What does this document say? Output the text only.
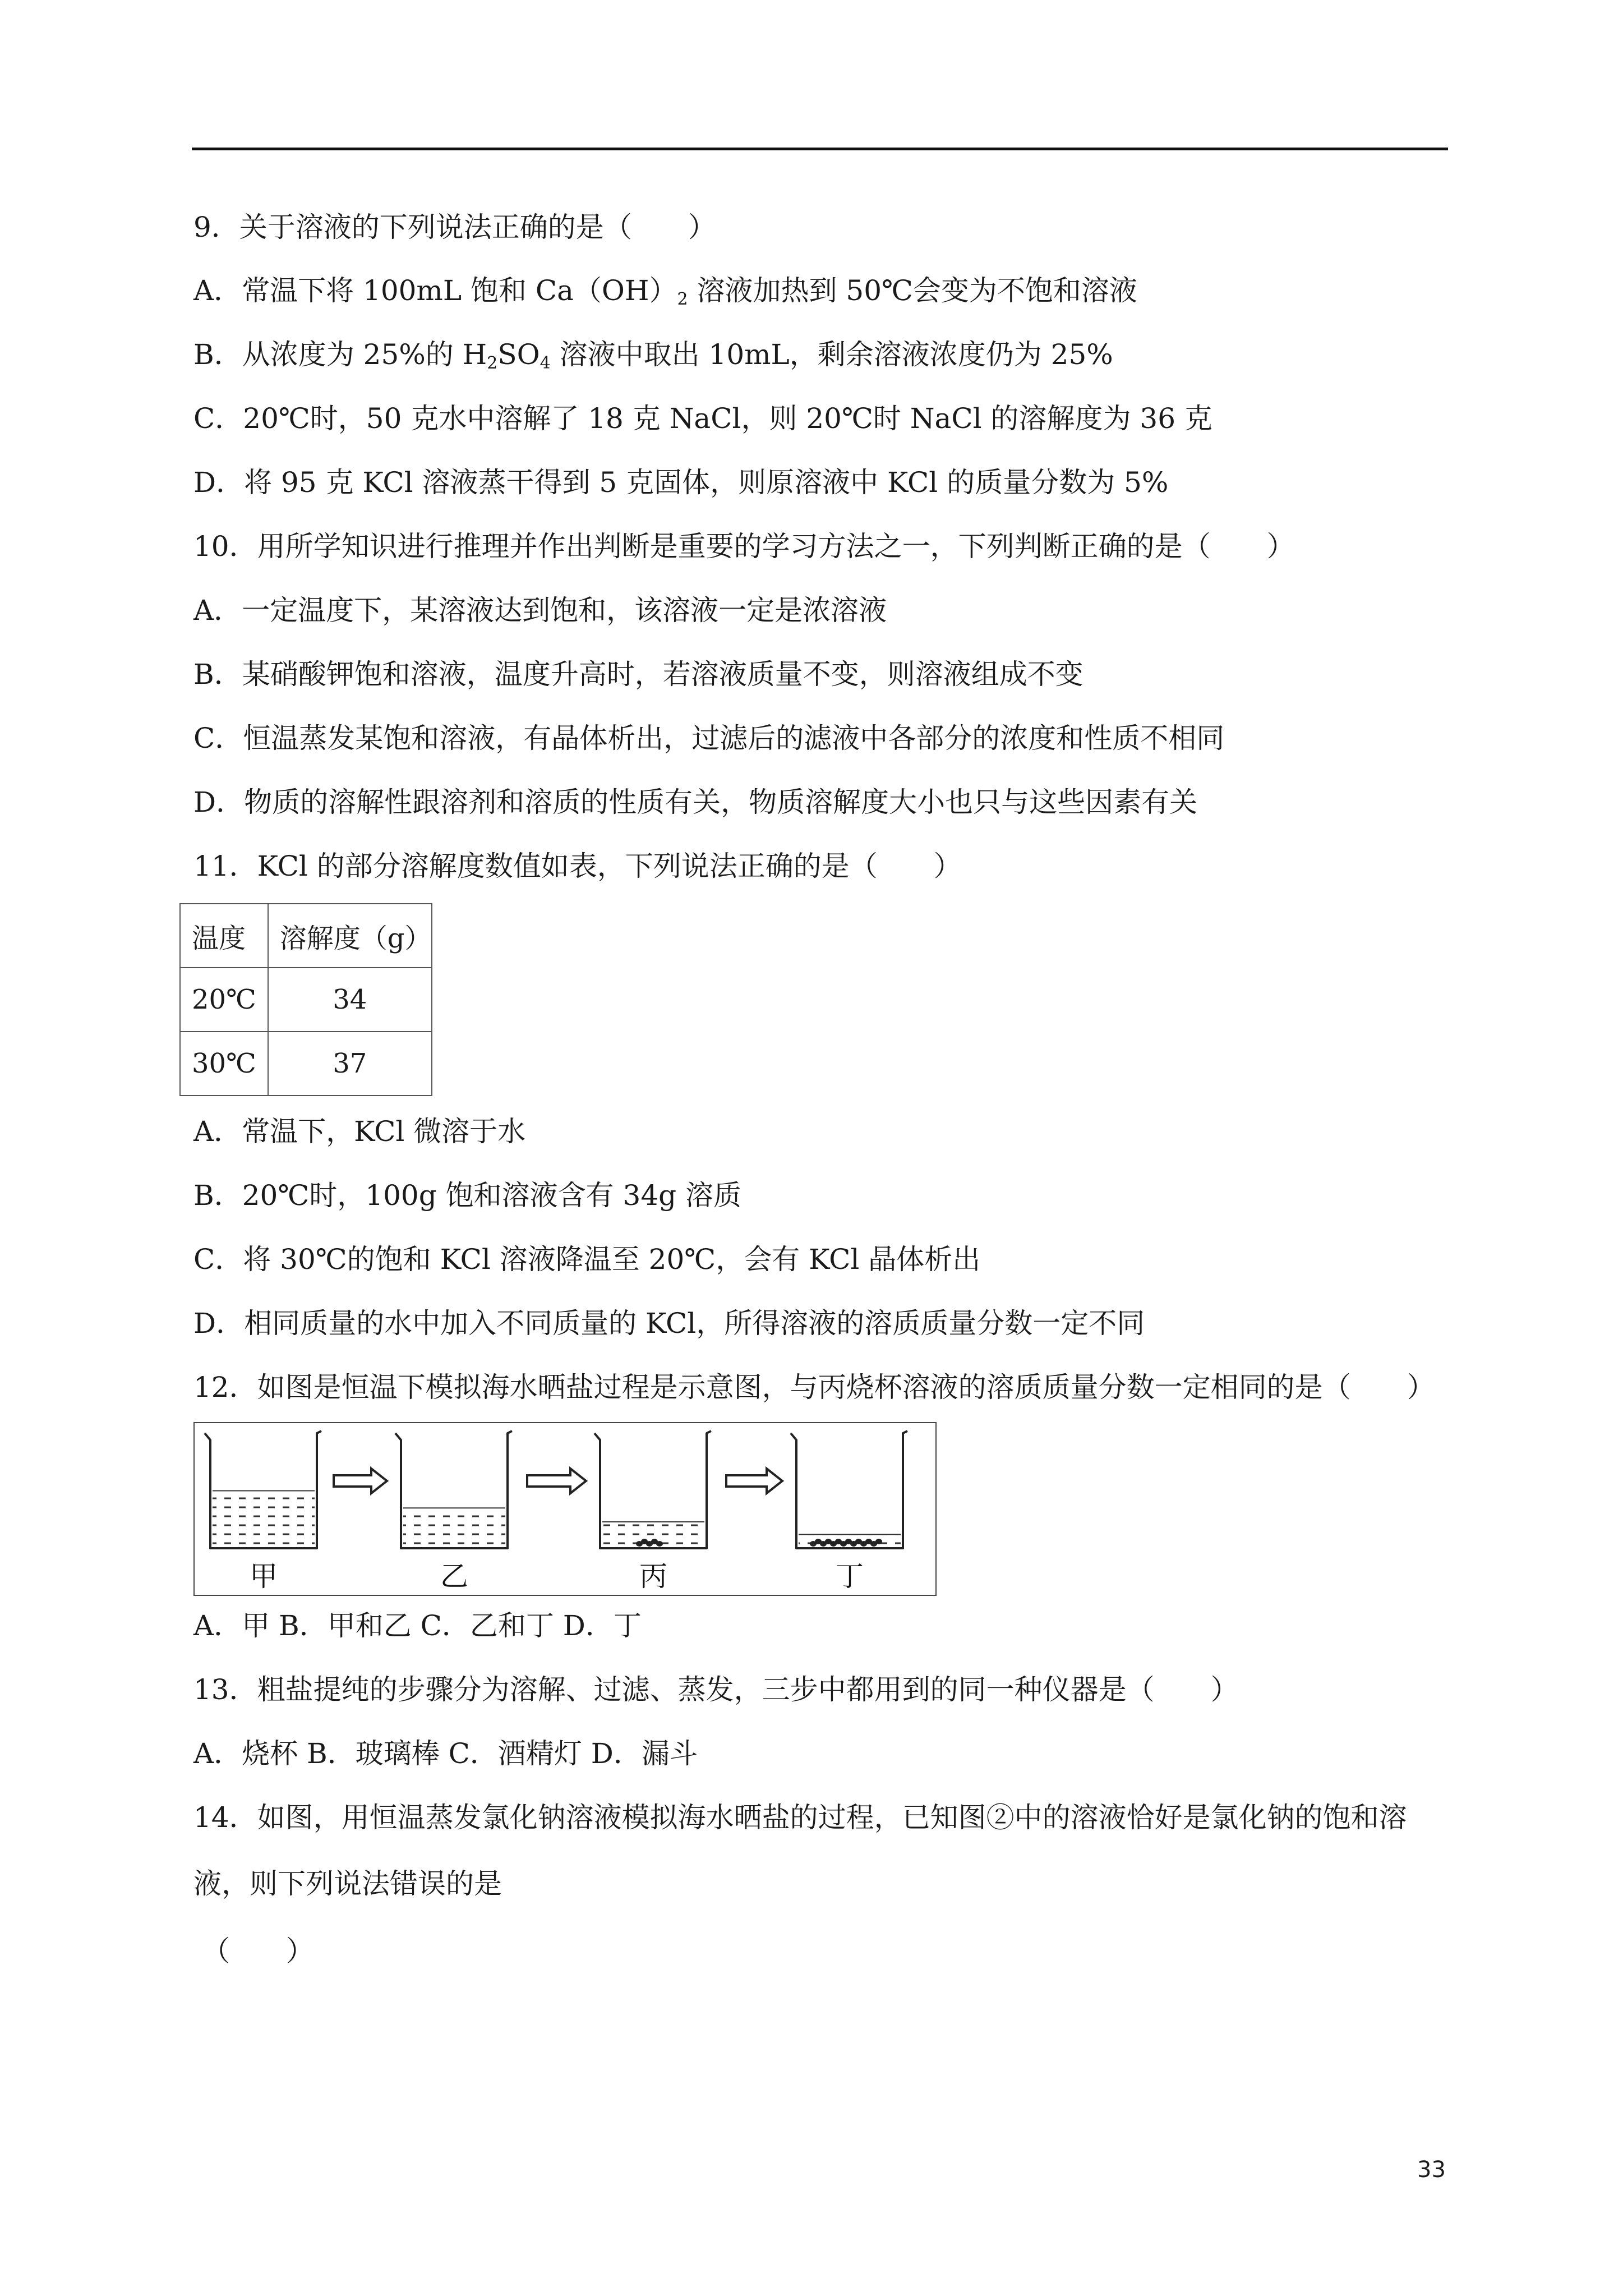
9．关于溶液的下列说法正确的是（　　）
A．常温下将 100mL 饱和 $Ca(OH)_2$ 溶液加热到 50℃会变为不饱和溶液
B．从浓度为 25%的 $H_2SO_4$ 溶液中取出 10mL，剩余溶液浓度仍为 25%
C．20℃时，50 克水中溶解了 18 克 NaCl，则 20℃时 NaCl 的溶解度为 36 克
D．将 95 克 KCl 溶液蒸干得到 5 克固体，则原溶液中 KCl 的质量分数为 5%
10．用所学知识进行推理并作出判断是重要的学习方法之一，下列判断正确的是（　　）
A．一定温度下，某溶液达到饱和，该溶液一定是浓溶液
B．某硝酸钾饱和溶液，温度升高时，若溶液质量不变，则溶液组成不变
C．恒温蒸发某饱和溶液，有晶体析出，过滤后的滤液中各部分的浓度和性质不相同
D．物质的溶解性跟溶剂和溶质的性质有关，物质溶解度大小也只与这些因素有关
11．KCl 的部分溶解度数值如表，下列说法正确的是（　　）
温度	溶解度（g）
20℃	34
30℃	37
A．常温下，KCl 微溶于水
B．20℃时，100g 饱和溶液含有 34g 溶质
C．将 30℃的饱和 KCl 溶液降温至 20℃，会有 KCl 晶体析出
D．相同质量的水中加入不同质量的 KCl，所得溶液的溶质质量分数一定不同
12．如图是恒温下模拟海水晒盐过程是示意图，与丙烧杯溶液的溶质质量分数一定相同的是（　　）
甲	乙	丙	丁
A．甲 B．甲和乙 C．乙和丁 D．丁
13．粗盐提纯的步骤分为溶解、过滤、蒸发，三步中都用到的同一种仪器是（　　）
A．烧杯 B．玻璃棒 C．酒精灯 D．漏斗
14．如图，用恒温蒸发氯化钠溶液模拟海水晒盐的过程，已知图②中的溶液恰好是氯化钠的饱和溶
液，则下列说法错误的是
（　　）
33
